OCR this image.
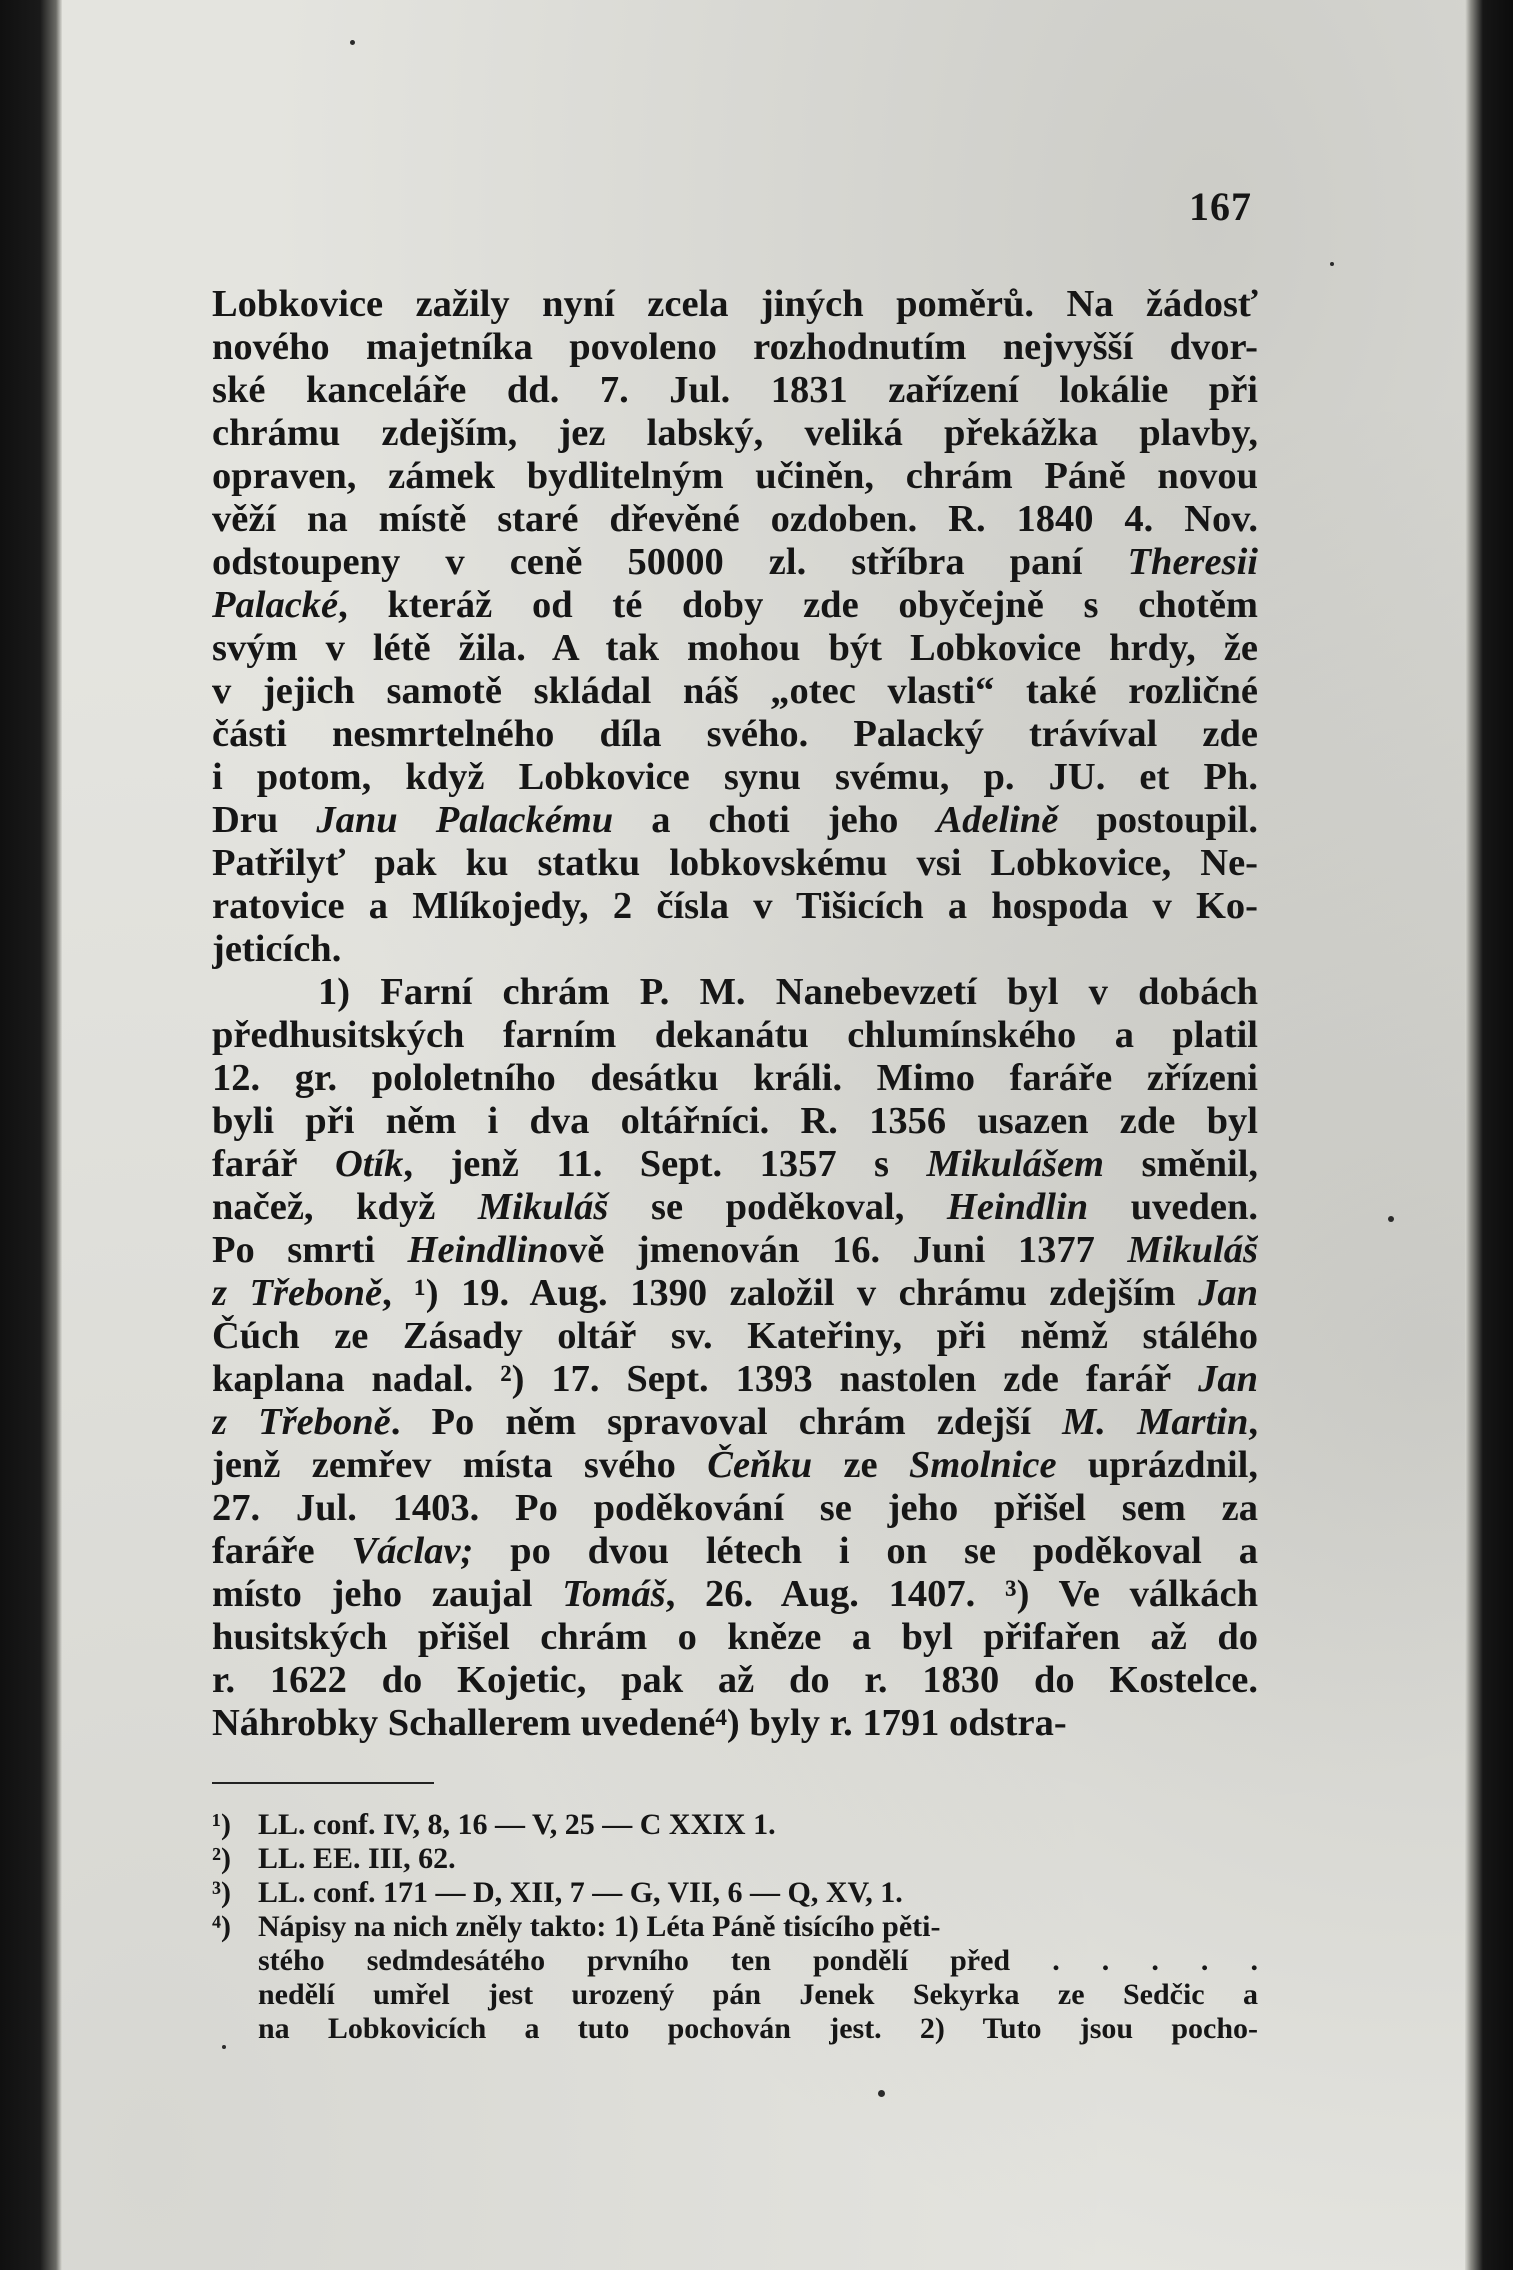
167
Lobkovice zažily nyní zcela jiných poměrů. Na žádosť
nového majetníka povoleno rozhodnutím nejvyšší dvor-
ské kanceláře dd. 7. Jul. 1831 zařízení lokálie při
chrámu zdejším, jez labský, veliká překážka plavby,
opraven, zámek bydlitelným učiněn, chrám Páně novou
věží na místě staré dřevěné ozdoben. R. 1840 4. Nov.
odstoupeny v ceně 50000 zl. stříbra paní Theresii
Palacké, kteráž od té doby zde obyčejně s chotěm
svým v létě žila. A tak mohou být Lobkovice hrdy, že
v jejich samotě skládal náš „otec vlasti“ také rozličné
části nesmrtelného díla svého. Palacký trávíval zde
i potom, když Lobkovice synu svému, p. JU. et Ph.
Dru Janu Palackému a choti jeho Adelině postoupil.
Patřilyť pak ku statku lobkovskému vsi Lobkovice, Ne-
ratovice a Mlíkojedy, 2 čísla v Tišicích a hospoda v Ko-
jeticích.
1) Farní chrám P. M. Nanebevzetí byl v dobách
předhusitských farním dekanátu chlumínského a platil
12. gr. pololetního desátku králi. Mimo faráře zřízeni
byli při něm i dva oltářníci. R. 1356 usazen zde byl
farář Otík, jenž 11. Sept. 1357 s Mikulášem směnil,
načež, když Mikuláš se poděkoval, Heindlin uveden.
Po smrti Heindlinově jmenován 16. Juni 1377 Mikuláš
z Třeboně, ¹) 19. Aug. 1390 založil v chrámu zdejším Jan
Čúch ze Zásady oltář sv. Kateřiny, při němž stálého
kaplana nadal. ²) 17. Sept. 1393 nastolen zde farář Jan
z Třeboně. Po něm spravoval chrám zdejší M. Martin,
jenž zemřev místa svého Čeňku ze Smolnice uprázdnil,
27. Jul. 1403. Po poděkování se jeho přišel sem za
faráře Václav; po dvou létech i on se poděkoval a
místo jeho zaujal Tomáš, 26. Aug. 1407. ³) Ve válkách
husitských přišel chrám o kněze a byl přifařen až do
r. 1622 do Kojetic, pak až do r. 1830 do Kostelce.
Náhrobky Schallerem uvedené⁴) byly r. 1791 odstra-
¹) LL. conf. IV, 8, 16 — V, 25 — C XXIX 1.
²) LL. EE. III, 62.
³) LL. conf. 171 — D, XII, 7 — G, VII, 6 — Q, XV, 1.
⁴) Nápisy na nich zněly takto: 1) Léta Páně tisícího pěti-
stého sedmdesátého prvního ten pondělí před . . . . .
nedělí umřel jest urozený pán Jenek Sekyrka ze Sedčic a
na Lobkovicích a tuto pochován jest. 2) Tuto jsou pocho-
